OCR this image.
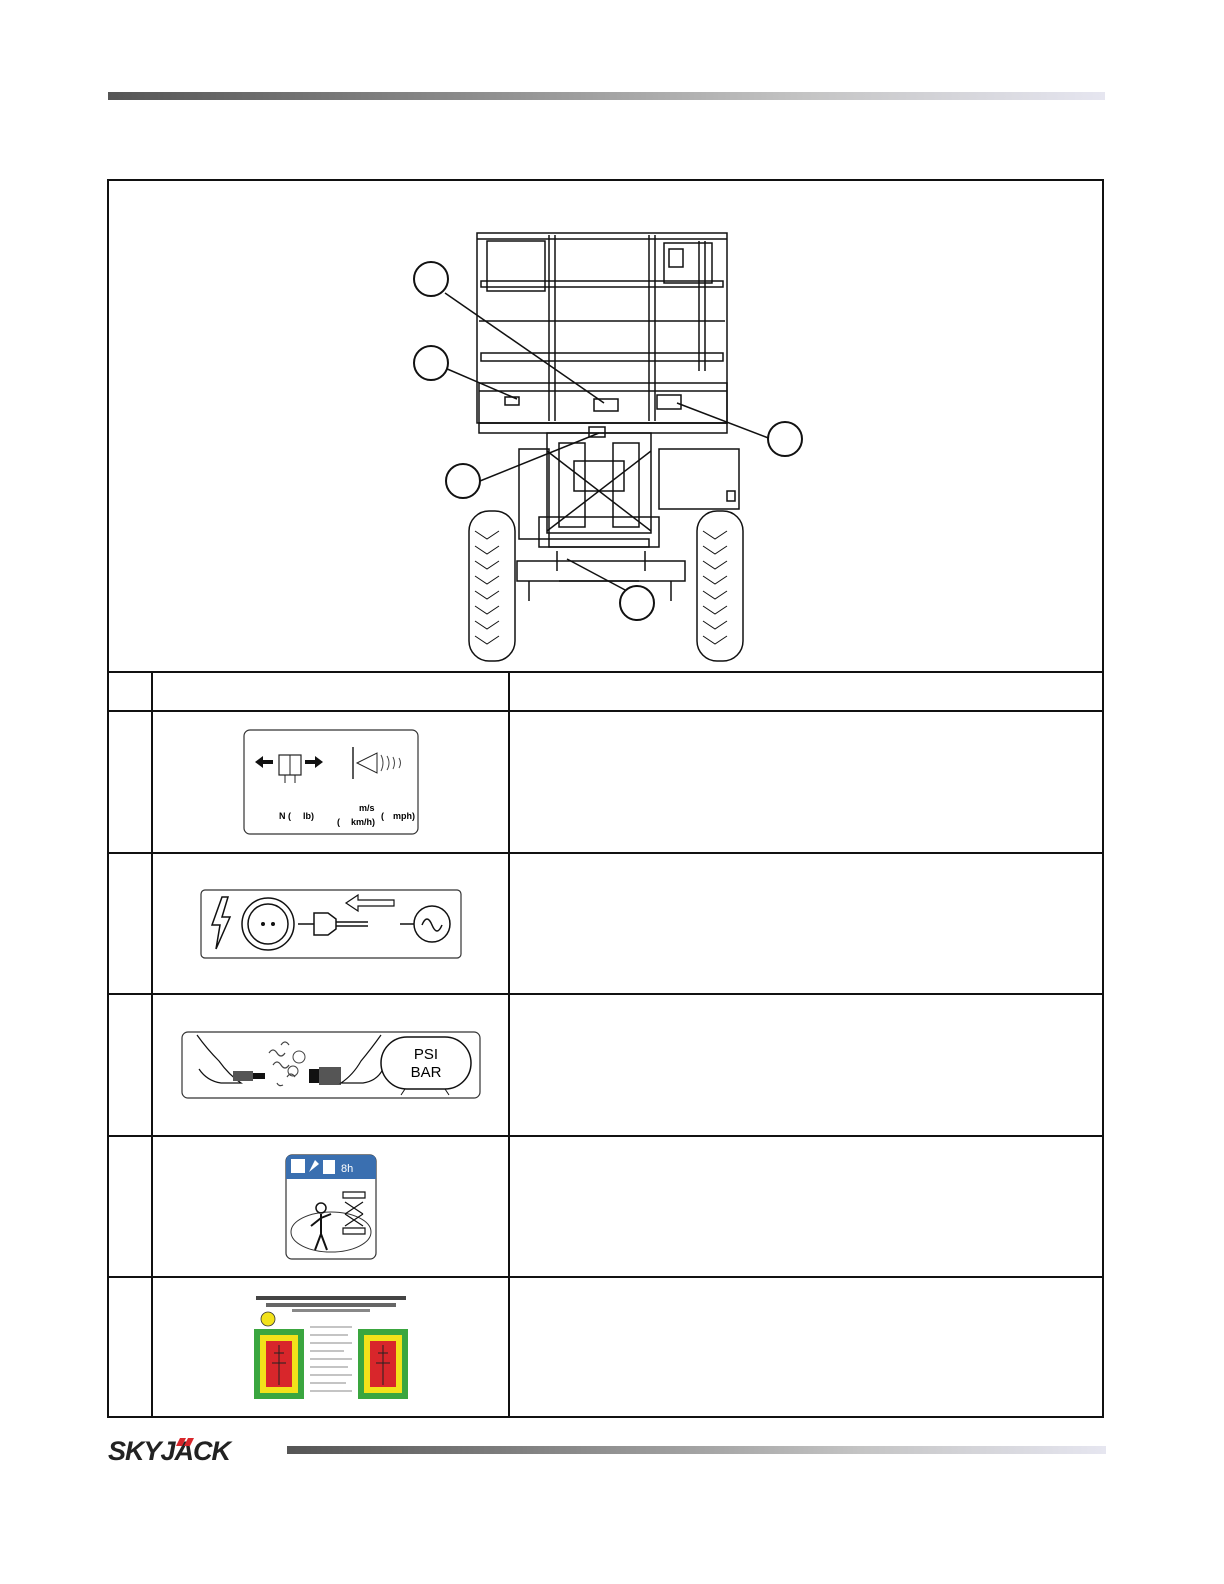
N ( lb)
m/s
( km/h)
( mph)
PSI
BAR
8h
SKYJACK
